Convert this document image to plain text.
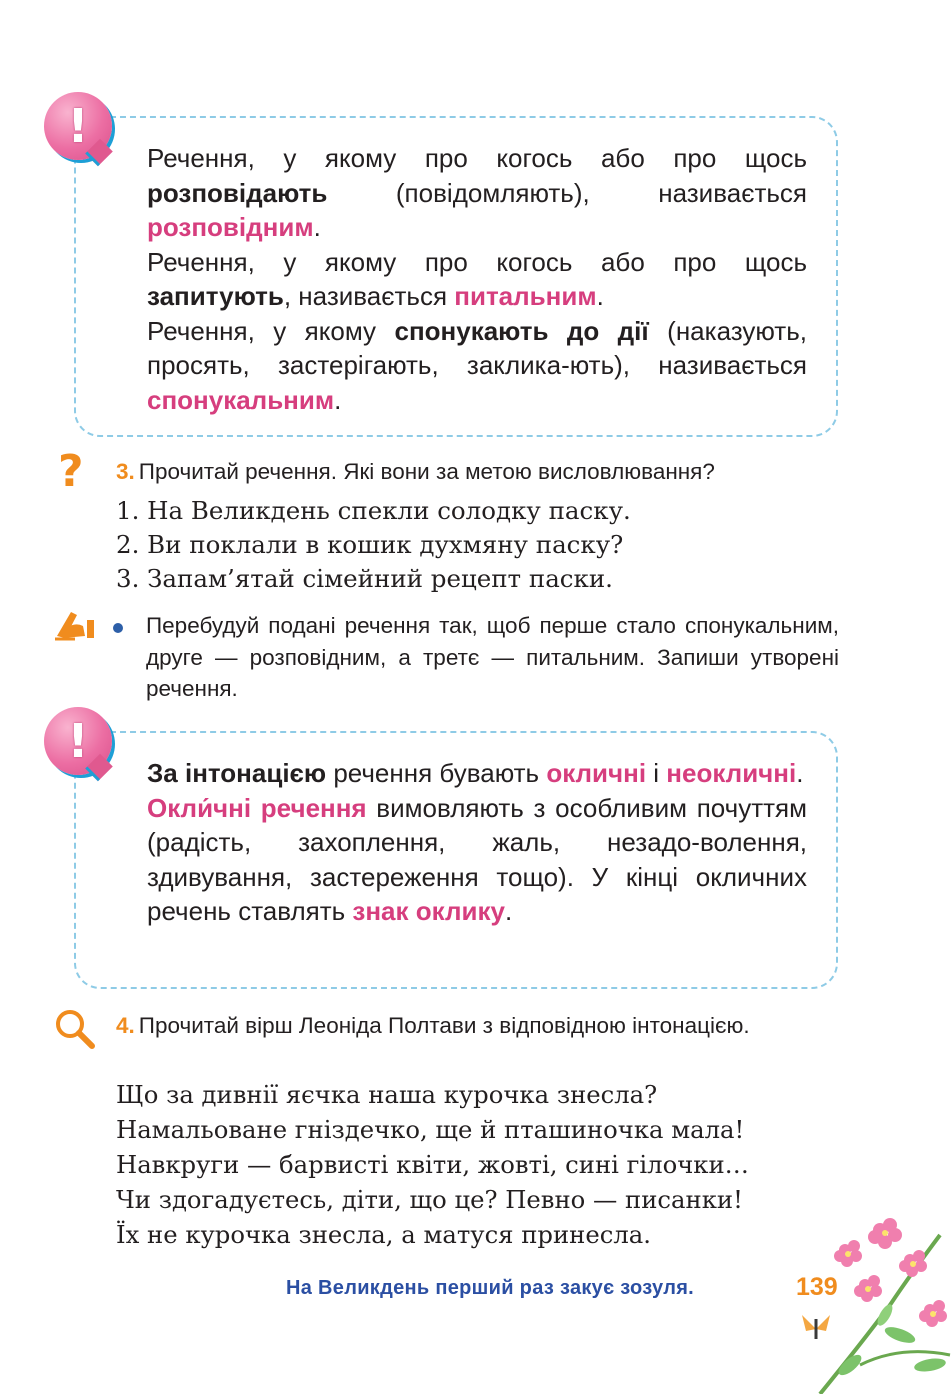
!

Речення, у якому про когось або про щось розповідають (повідомляють), називається розповідним.

Речення, у якому про когось або про щось запитують, називається питальним.

Речення, у якому спонукають до дії (наказують, просять, застерігають, заклика-ють), називається спонукальним.

? 3. Прочитай речення. Які вони за метою висловлювання?
1. На Великдень спекли солодку паску.
2. Ви поклали в кошик духмяну паску?
3. Запам’ятай сімейний рецепт паски.
Перебудуй подані речення так, щоб перше стало спонукальним, друге — розповідним, а третє — питальним. Запиши утворені речення.
!

За інтонацією речення бувають окличні і неокличні.

Окли́чні речення вимовляють з особливим почуттям (радість, захоплення, жаль, незадо-волення, здивування, застереження тощо). У кінці окличних речень ставлять знак оклику.

4. Прочитай вірш Леоніда Полтави з відповідною інтонацією.
Що за дивнії яєчка наша курочка знесла?
Намальоване гніздечко, ще й пташиночка мала!
Навкруги — барвисті квіти, жовті, сині гілочки…
Чи здогадуєтесь, діти, що це? Певно — писанки!
Їх не курочка знесла, а матуся принесла.
На Великдень перший раз закує зозуля.	139
